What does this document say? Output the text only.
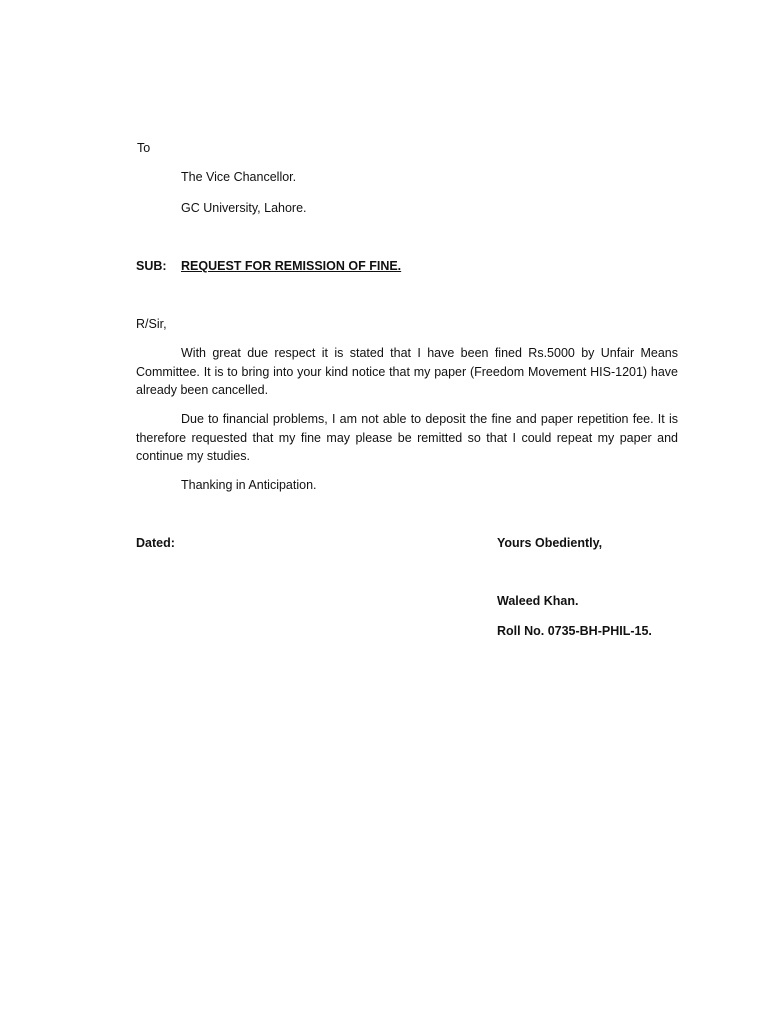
To
The Vice Chancellor.
GC University, Lahore.
SUB: REQUEST FOR REMISSION OF FINE.
R/Sir,
With great due respect it is stated that I have been fined Rs.5000 by Unfair Means Committee. It is to bring into your kind notice that my paper (Freedom Movement HIS-1201) have already been cancelled.
Due to financial problems, I am not able to deposit the fine and paper repetition fee. It is therefore requested that my fine may please be remitted so that I could repeat my paper and continue my studies.
Thanking in Anticipation.
Dated:	Yours Obediently,
Waleed Khan.
Roll No. 0735-BH-PHIL-15.
